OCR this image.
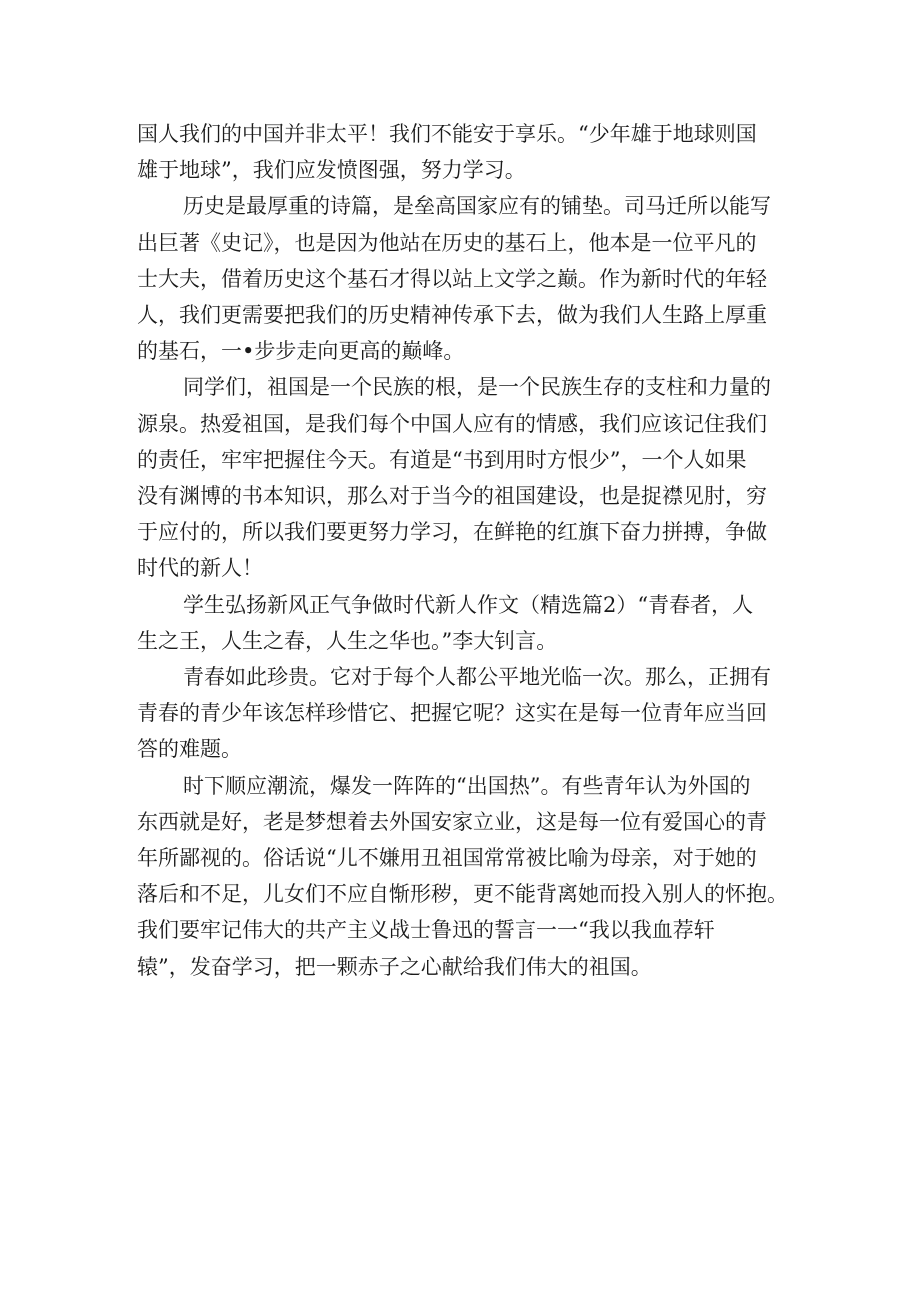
国人我们的中国并非太平！我们不能安于享乐。“少年雄于地球则国
雄于地球”，我们应发愤图强，努力学习。

历史是最厚重的诗篇，是垒高国家应有的铺垫。司马迁所以能写
出巨著《史记》，也是因为他站在历史的基石上，他本是一位平凡的
士大夫，借着历史这个基石才得以站上文学之巅。作为新时代的年轻
人，我们更需要把我们的历史精神传承下去，做为我们人生路上厚重
的基石，一•步步走向更高的巅峰。

同学们，祖国是一个民族的根，是一个民族生存的支柱和力量的
源泉。热爱祖国，是我们每个中国人应有的情感，我们应该记住我们
的责任，牢牢把握住今天。有道是“书到用时方恨少”，一个人如果
没有渊博的书本知识，那么对于当今的祖国建设，也是捉襟见肘，穷
于应付的，所以我们要更努力学习，在鲜艳的红旗下奋力拼搏，争做
时代的新人！

学生弘扬新风正气争做时代新人作文（精选篇2）“青春者，人
生之王，人生之春，人生之华也。”李大钊言。

青春如此珍贵。它对于每个人都公平地光临一次。那么，正拥有
青春的青少年该怎样珍惜它、把握它呢？这实在是每一位青年应当回
答的难题。

时下顺应潮流，爆发一阵阵的“出国热”。有些青年认为外国的
东西就是好，老是梦想着去外国安家立业，这是每一位有爱国心的青
年所鄙视的。俗话说“儿不嫌用丑祖国常常被比喻为母亲，对于她的
落后和不足，儿女们不应自惭形秽，更不能背离她而投入别人的怀抱。
我们要牢记伟大的共产主义战士鲁迅的誓言一一“我以我血荐轩
辕”，发奋学习，把一颗赤子之心献给我们伟大的祖国。
